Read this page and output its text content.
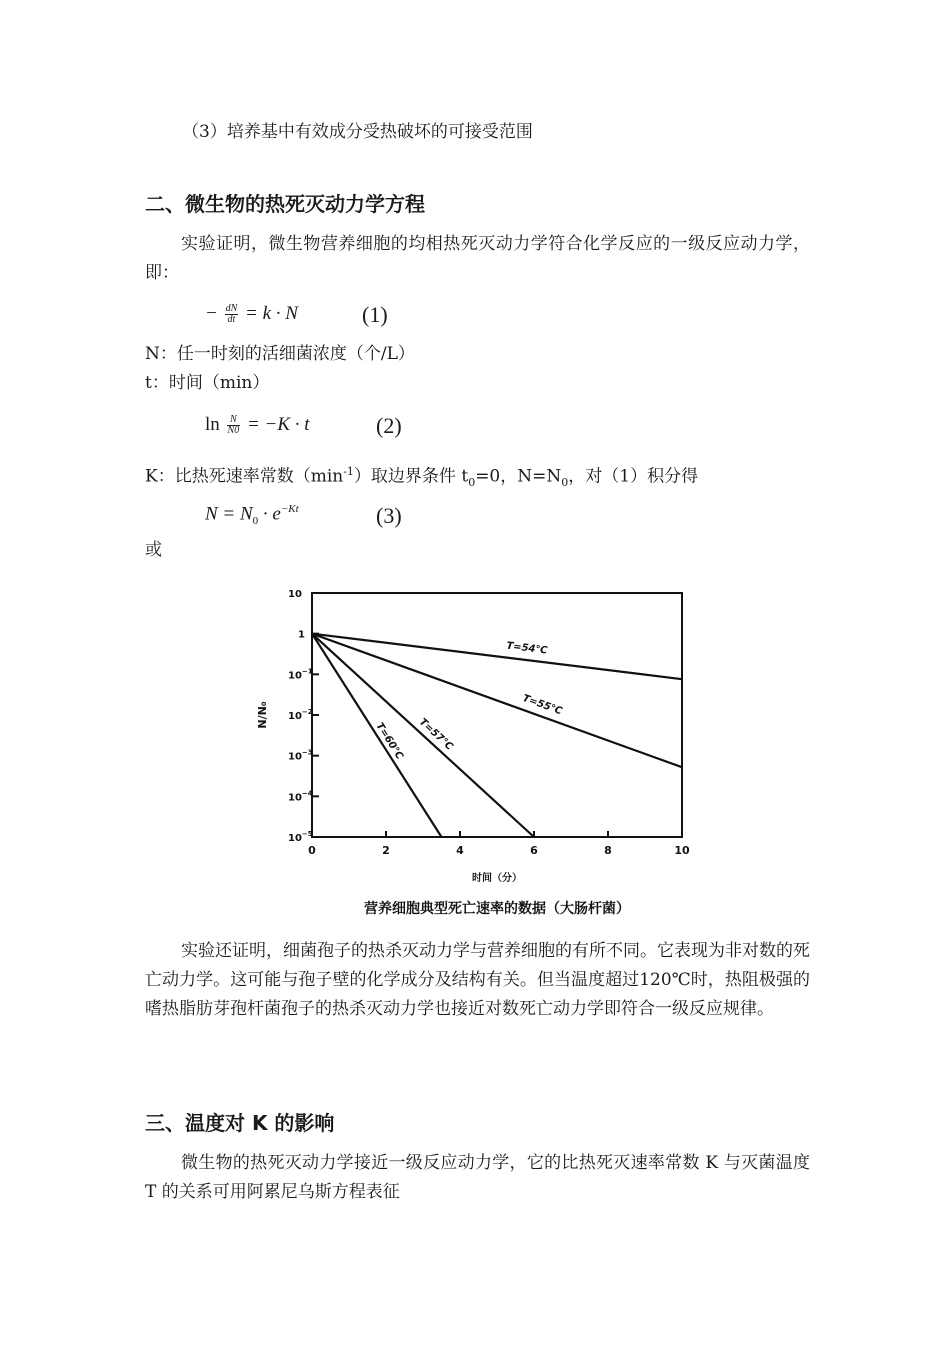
（3）培养基中有效成分受热破坏的可接受范围
二、微生物的热死灭动力学方程
实验证明，微生物营养细胞的均相热死灭动力学符合化学反应的一级反应动力学，即：
− $\frac{dN}{dt} = k \cdot N$	(1)
N：任一时刻的活细菌浓度（个/L）
t：时间（min）
$\ln \frac{N}{N0} = -K \cdot t$	(2)
K：比热死速率常数$(\min^{-1})$取边界条件 $t_0=0$，$N=N_0$，对（1）积分得
$N = N_0 \cdot e^{-Kt}$	(3)
或
10
1
$10^{-1}$
$10^{-2}$
$10^{-3}$
$10^{-4}$
$10^{-5}$
0	2	4	6	8	10
T=54℃
T=55℃
T=57℃
T=60℃
N/N₀
时间（分）
营养细胞典型死亡速率的数据（大肠杆菌）
实验还证明，细菌孢子的热杀灭动力学与营养细胞的有所不同。它表现为非对数的死亡动力学。这可能与孢子壁的化学成分及结构有关。但当温度超过120℃时，热阻极强的嗜热脂肪芽孢杆菌孢子的热杀灭动力学也接近对数死亡动力学即符合一级反应规律。
三、温度对 K 的影响
微生物的热死灭动力学接近一级反应动力学，它的比热死灭速率常数 K 与灭菌温度 T 的关系可用阿累尼乌斯方程表征
